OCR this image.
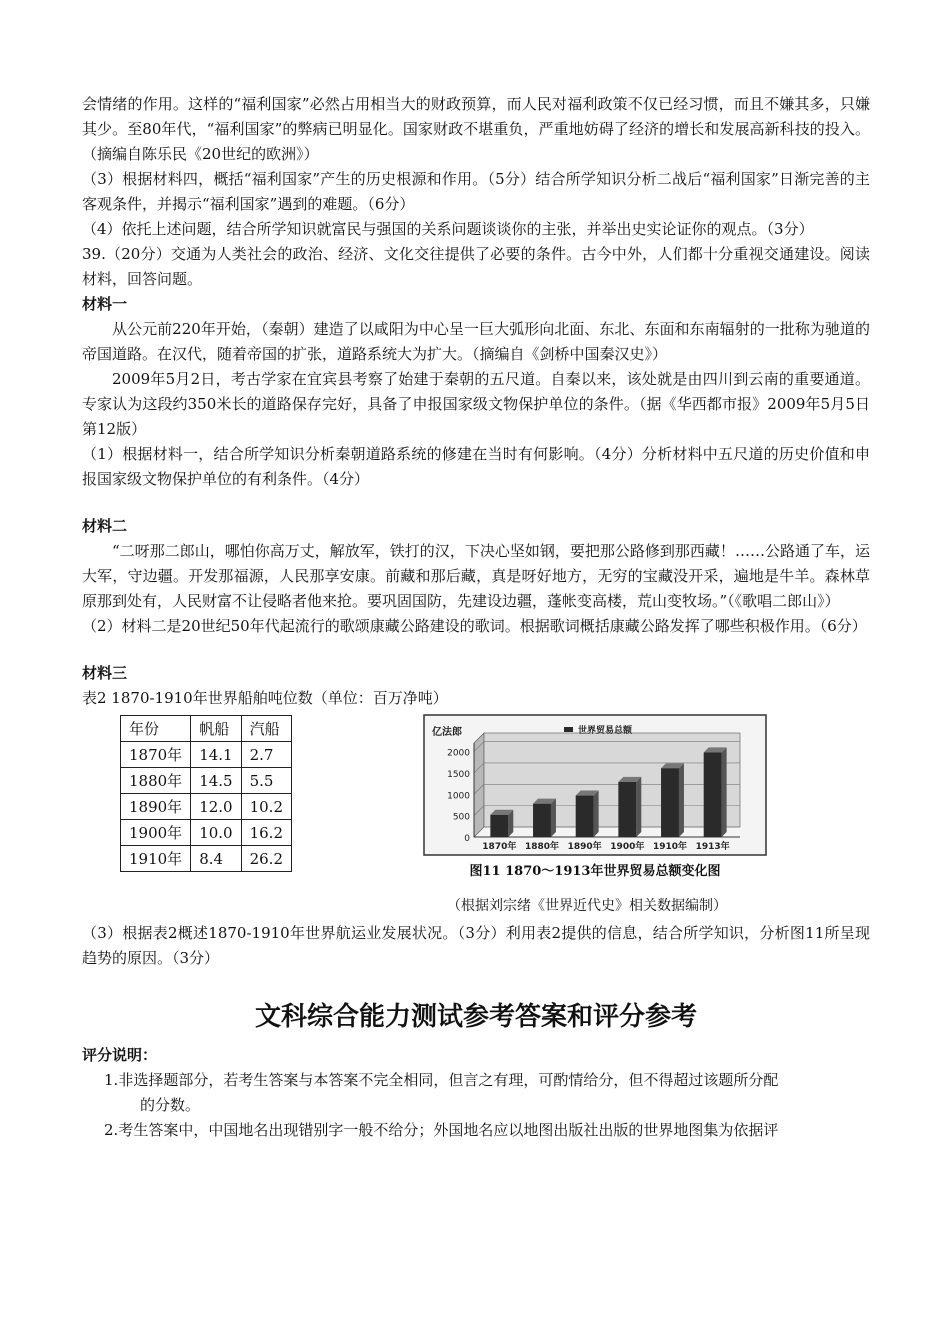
会情绪的作用。这样的“福利国家”必然占用相当大的财政预算，而人民对福利政策不仅已经习惯，而且不嫌其多，只嫌其少。至80年代，“福利国家”的弊病已明显化。国家财政不堪重负，严重地妨碍了经济的增长和发展高新科技的投入。（摘编自陈乐民《20世纪的欧洲》）

（3）根据材料四，概括“福利国家”产生的历史根源和作用。（5分）结合所学知识分析二战后“福利国家”日渐完善的主客观条件，并揭示“福利国家”遇到的难题。（6分）

（4）依托上述问题，结合所学知识就富民与强国的关系问题谈谈你的主张，并举出史实论证你的观点。（3分）

39.（20分）交通为人类社会的政治、经济、文化交往提供了必要的条件。古今中外，人们都十分重视交通建设。阅读材料，回答问题。

材料一

从公元前220年开始，（秦朝）建造了以咸阳为中心呈一巨大弧形向北面、东北、东面和东南辐射的一批称为驰道的帝国道路。在汉代，随着帝国的扩张，道路系统大为扩大。（摘编自《剑桥中国秦汉史》）

2009年5月2日，考古学家在宜宾县考察了始建于秦朝的五尺道。自秦以来，该处就是由四川到云南的重要通道。专家认为这段约350米长的道路保存完好，具备了申报国家级文物保护单位的条件。（据《华西都市报》2009年5月5日第12版）

（1）根据材料一，结合所学知识分析秦朝道路系统的修建在当时有何影响。（4分）分析材料中五尺道的历史价值和申报国家级文物保护单位的有利条件。（4分）

材料二

“二呀那二郎山，哪怕你高万丈，解放军，铁打的汉，下决心坚如钢，要把那公路修到那西藏！……公路通了车，运大军，守边疆。开发那福源，人民那享安康。前藏和那后藏，真是呀好地方，无穷的宝藏没开采，遍地是牛羊。森林草原那到处有，人民财富不让侵略者他来抢。要巩固国防，先建设边疆，蓬帐变高楼，荒山变牧场。”（《歌唱二郎山》）

（2）材料二是20世纪50年代起流行的歌颂康藏公路建设的歌词。根据歌词概括康藏公路发挥了哪些积极作用。（6分）

材料三
表2 1870-1910年世界船舶吨位数（单位：百万净吨）
年份	帆船	汽船
1870年	14.1	2.7
1880年	14.5	5.5
1890年	12.0	10.2
1900年	10.0	16.2
1910年	8.4	26.2
0
500
1000
1500
2000
亿法郎	世界贸易总额
1870年 1880年 1890年 1900年 1910年 1913年
图11 1870～1913年世界贸易总额变化图
（根据刘宗绪《世界近代史》相关数据编制）

（3）根据表2概述1870-1910年世界航运业发展状况。（3分）利用表2提供的信息，结合所学知识，分析图11所呈现趋势的原因。（3分）

文科综合能力测试参考答案和评分参考
评分说明：

1.非选择题部分，若考生答案与本答案不完全相同，但言之有理，可酌情给分，但不得超过该题所分配
的分数。

2.考生答案中，中国地名出现错别字一般不给分；外国地名应以地图出版社出版的世界地图集为依据评
